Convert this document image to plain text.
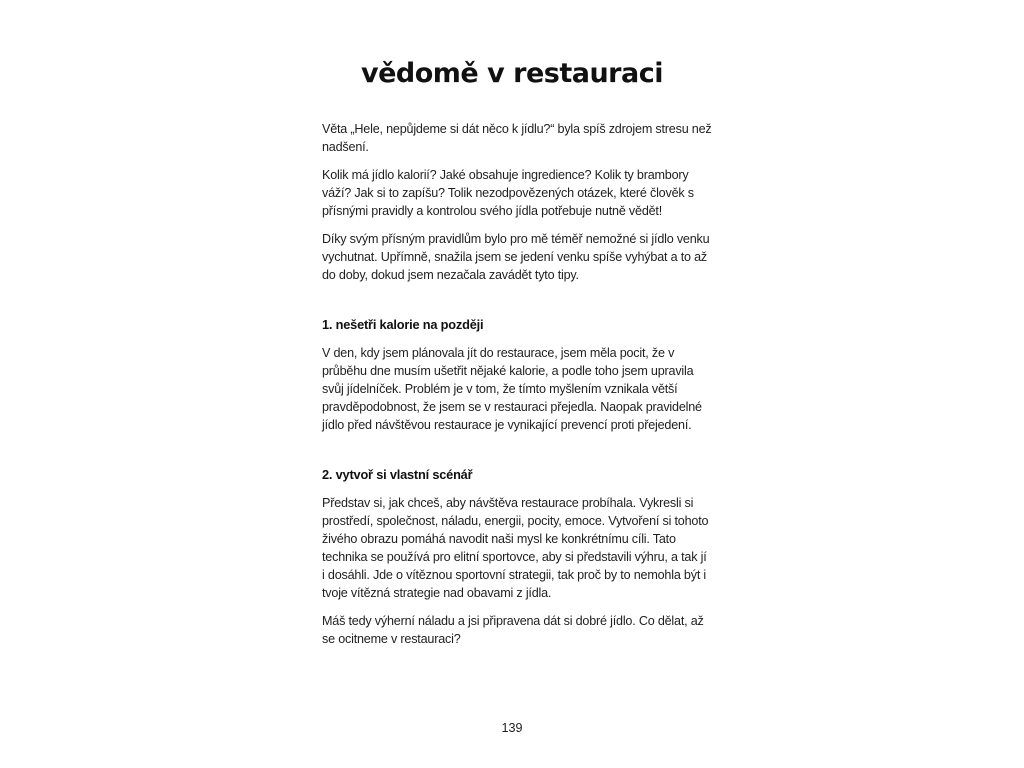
vědomě v restauraci

Věta „Hele, nepůjdeme si dát něco k jídlu?“ byla spíš zdrojem stresu než nadšení.

Kolik má jídlo kalorií? Jaké obsahuje ingredience? Kolik ty brambory váží? Jak si to zapíšu? Tolik nezodpovězených otázek, které člověk s přísnými pravidly a kontrolou svého jídla potřebuje nutně vědět!

Díky svým přísným pravidlům bylo pro mě téměř nemožné si jídlo venku vychutnat. Upřímně, snažila jsem se jedení venku spíše vyhýbat a to až do doby, dokud jsem nezačala zavádět tyto tipy.

1. nešetři kalorie na později

V den, kdy jsem plánovala jít do restaurace, jsem měla pocit, že v průběhu dne musím ušetřit nějaké kalorie, a podle toho jsem upravila svůj jídelníček. Problém je v tom, že tímto myšlením vznikala větší pravděpodobnost, že jsem se v restauraci přejedla. Naopak pravidelné jídlo před návštěvou restaurace je vynikající prevencí proti přejedení.

2. vytvoř si vlastní scénář

Představ si, jak chceš, aby návštěva restaurace probíhala. Vykresli si prostředí, společnost, náladu, energii, pocity, emoce. Vytvoření si tohoto živého obrazu pomáhá navodit naši mysl ke konkrétnímu cíli. Tato technika se používá pro elitní sportovce, aby si představili výhru, a tak jí i dosáhli. Jde o vítěznou sportovní strategii, tak proč by to nemohla být i tvoje vítězná strategie nad obavami z jídla.

Máš tedy výherní náladu a jsi připravena dát si dobré jídlo. Co dělat, až se ocitneme v restauraci?

139
